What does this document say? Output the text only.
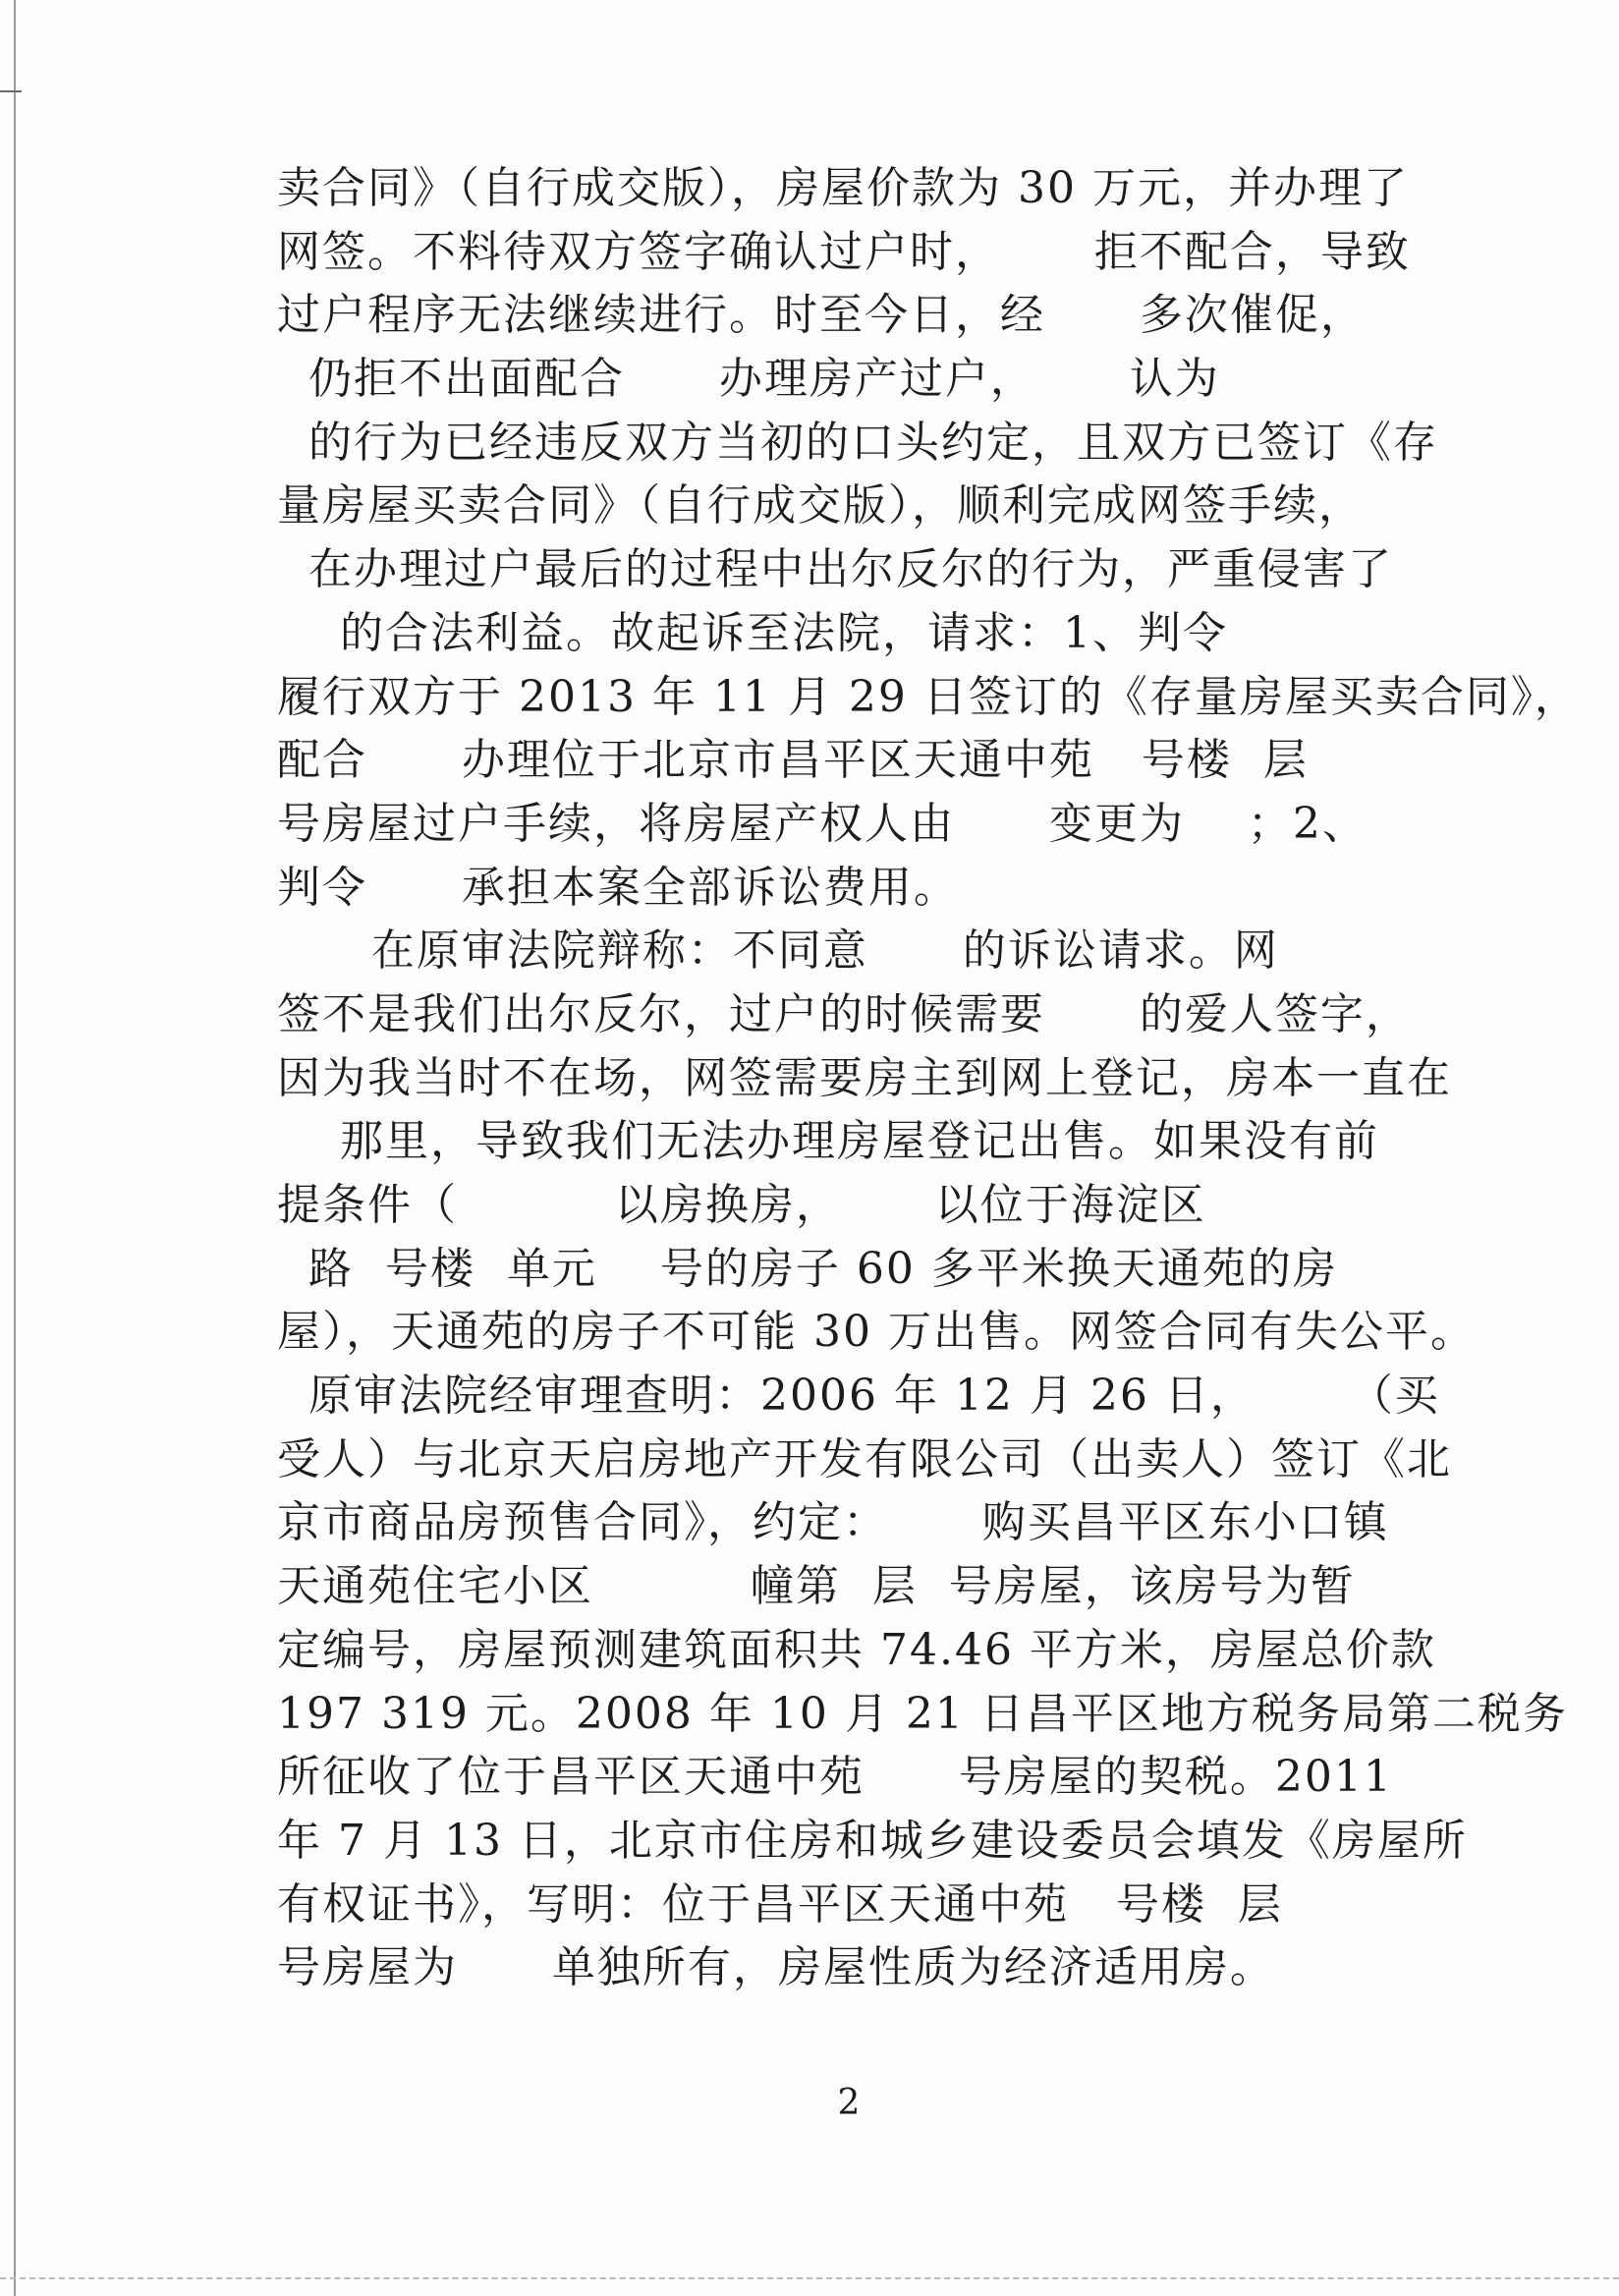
卖合同》（自行成交版），房屋价款为 30 万元，并办理了
网签。不料待双方签字确认过户时，      拒不配合，导致
过户程序无法继续进行。时至今日，经      多次催促，
仍拒不出面配合      办理房产过户，      认为
的行为已经违反双方当初的口头约定，且双方已签订《存
量房屋买卖合同》（自行成交版），顺利完成网签手续，
在办理过户最后的过程中出尔反尔的行为，严重侵害了
的合法利益。故起诉至法院，请求：1、判令
履行双方于 2013 年 11 月 29 日签订的《存量房屋买卖合同》，
配合      办理位于北京市昌平区天通中苑   号楼  层
号房屋过户手续，将房屋产权人由      变更为    ；2、
判令      承担本案全部诉讼费用。
在原审法院辩称：不同意      的诉讼请求。网
签不是我们出尔反尔，过户的时候需要      的爱人签字，
因为我当时不在场，网签需要房主到网上登记，房本一直在
那里，导致我们无法办理房屋登记出售。如果没有前
提条件（          以房换房，      以位于海淀区
路  号楼  单元    号的房子 60 多平米换天通苑的房
屋），天通苑的房子不可能 30 万出售。网签合同有失公平。
原审法院经审理查明：2006 年 12 月 26 日，      （买
受人）与北京天启房地产开发有限公司（出卖人）签订《北
京市商品房预售合同》，约定：      购买昌平区东小口镇
天通苑住宅小区          幢第  层  号房屋，该房号为暂
定编号，房屋预测建筑面积共 74.46 平方米，房屋总价款
197 319 元。2008 年 10 月 21 日昌平区地方税务局第二税务
所征收了位于昌平区天通中苑      号房屋的契税。2011
年 7 月 13 日，北京市住房和城乡建设委员会填发《房屋所
有权证书》，写明：位于昌平区天通中苑   号楼  层
号房屋为      单独所有，房屋性质为经济适用房。
2
